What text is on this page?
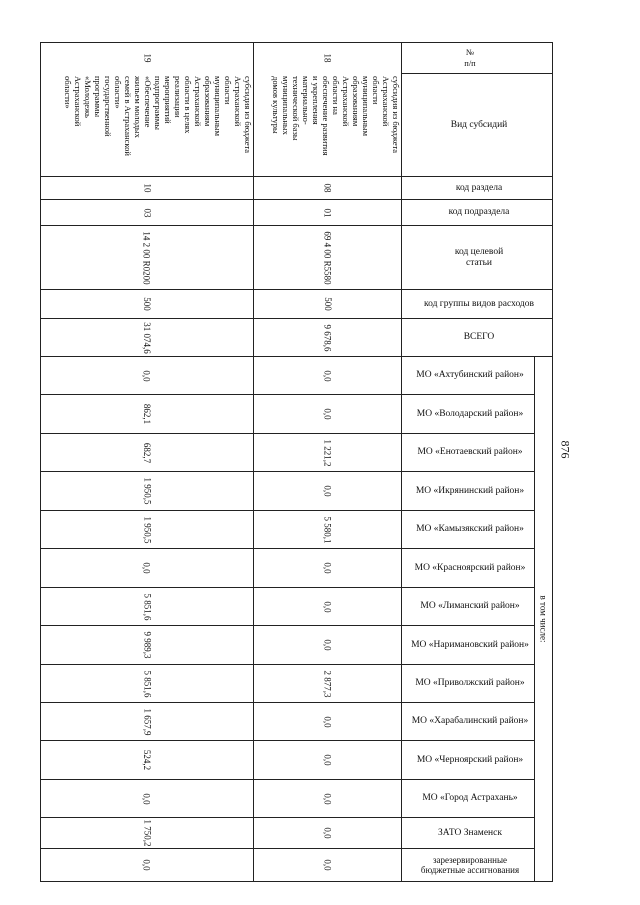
876
№
п/п
Вид субсидий
код раздела
код подраздела
код целевой
статьи
код группы видов расходов
ВСЕГО
в том числе:
МО «Ахтубинский район»
МО «Володарский район»
МО «Енотаевский район»
МО «Икрянинский район»
МО «Камызякский район»
МО «Красноярский район»
МО «Лиманский район»
МО «Наримановский район»
МО «Приволжский район»
МО «Харабалинский район»
МО «Черноярский район»
МО «Город Астрахань»
ЗАТО Знаменск
зарезервированные
бюджетные ассигнования
18
субсидия из бюджета
Астраханской
области
муниципальным
образованиям
Астраханской
области на
обеспечение развития
и укрепления
материально-
технической базы
муниципальных
домов культуры
08
01
69 4 00 R5580
500
9 678,6
0,0
0,0
1 221,2
0,0
5 580,1
0,0
0,0
0,0
2 877,3
0,0
0,0
0,0
0,0
0,0
19
субсидия из бюджета
Астраханской
области
муниципальным
образованиям
Астраханской
области в целях
реализации
мероприятий
подпрограммы
«Обеспечение
жильем молодых
семей в Астраханской
области»
государственной
программы
«Молодежь
Астраханской
области»
10
03
14 2 00 R0200
500
31 074,6
0,0
862,1
682,7
1 950,5
1 950,5
0,0
5 851,6
9 989,3
5 851,6
1 657,9
524,2
0,0
1 750,2
0,0
